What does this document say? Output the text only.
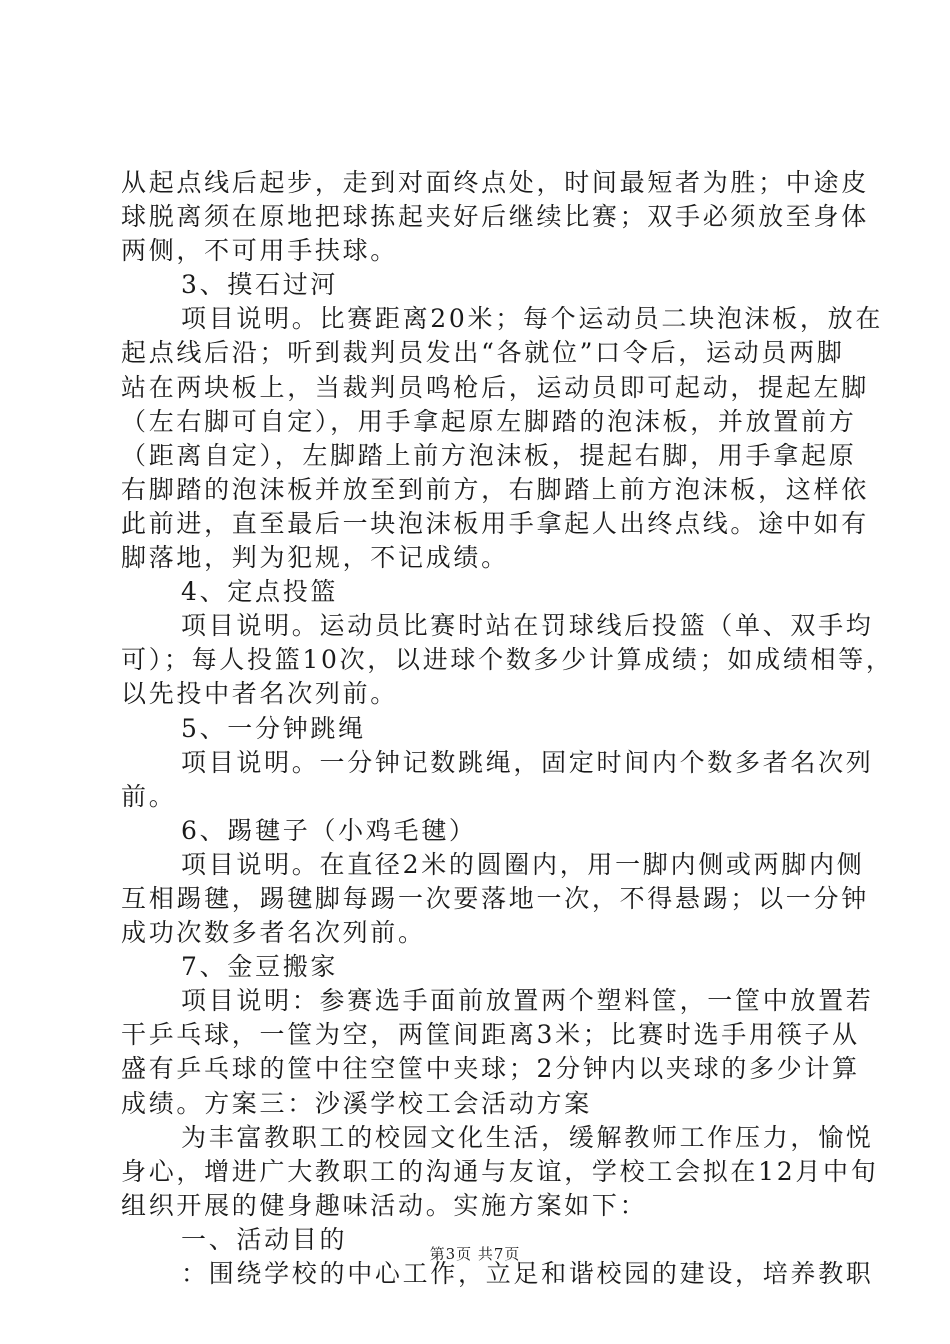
从起点线后起步，走到对面终点处，时间最短者为胜；中途皮
球脱离须在原地把球拣起夹好后继续比赛；双手必须放至身体
两侧，不可用手扶球。
3、摸石过河
项目说明。比赛距离20米；每个运动员二块泡沫板，放在
起点线后沿；听到裁判员发出“各就位”口令后，运动员两脚
站在两块板上，当裁判员鸣枪后，运动员即可起动，提起左脚
（左右脚可自定），用手拿起原左脚踏的泡沫板，并放置前方
（距离自定），左脚踏上前方泡沫板，提起右脚，用手拿起原
右脚踏的泡沫板并放至到前方，右脚踏上前方泡沫板，这样依
此前进，直至最后一块泡沫板用手拿起人出终点线。途中如有
脚落地，判为犯规，不记成绩。
4、定点投篮
项目说明。运动员比赛时站在罚球线后投篮（单、双手均
可）；每人投篮10次，以进球个数多少计算成绩；如成绩相等，
以先投中者名次列前。
5、一分钟跳绳
项目说明。一分钟记数跳绳，固定时间内个数多者名次列
前。
6、踢毽子（小鸡毛毽）
项目说明。在直径2米的圆圈内，用一脚内侧或两脚内侧
互相踢毽，踢毽脚每踢一次要落地一次，不得悬踢；以一分钟
成功次数多者名次列前。
7、金豆搬家
项目说明：参赛选手面前放置两个塑料筐，一筐中放置若
干乒乓球，一筐为空，两筐间距离3米；比赛时选手用筷子从
盛有乒乓球的筐中往空筐中夹球；2分钟内以夹球的多少计算
成绩。方案三：沙溪学校工会活动方案
为丰富教职工的校园文化生活，缓解教师工作压力，愉悦
身心，增进广大教职工的沟通与友谊，学校工会拟在12月中旬
组织开展的健身趣味活动。实施方案如下：
一、活动目的
：围绕学校的中心工作，立足和谐校园的建设，培养教职
第3页 共7页
